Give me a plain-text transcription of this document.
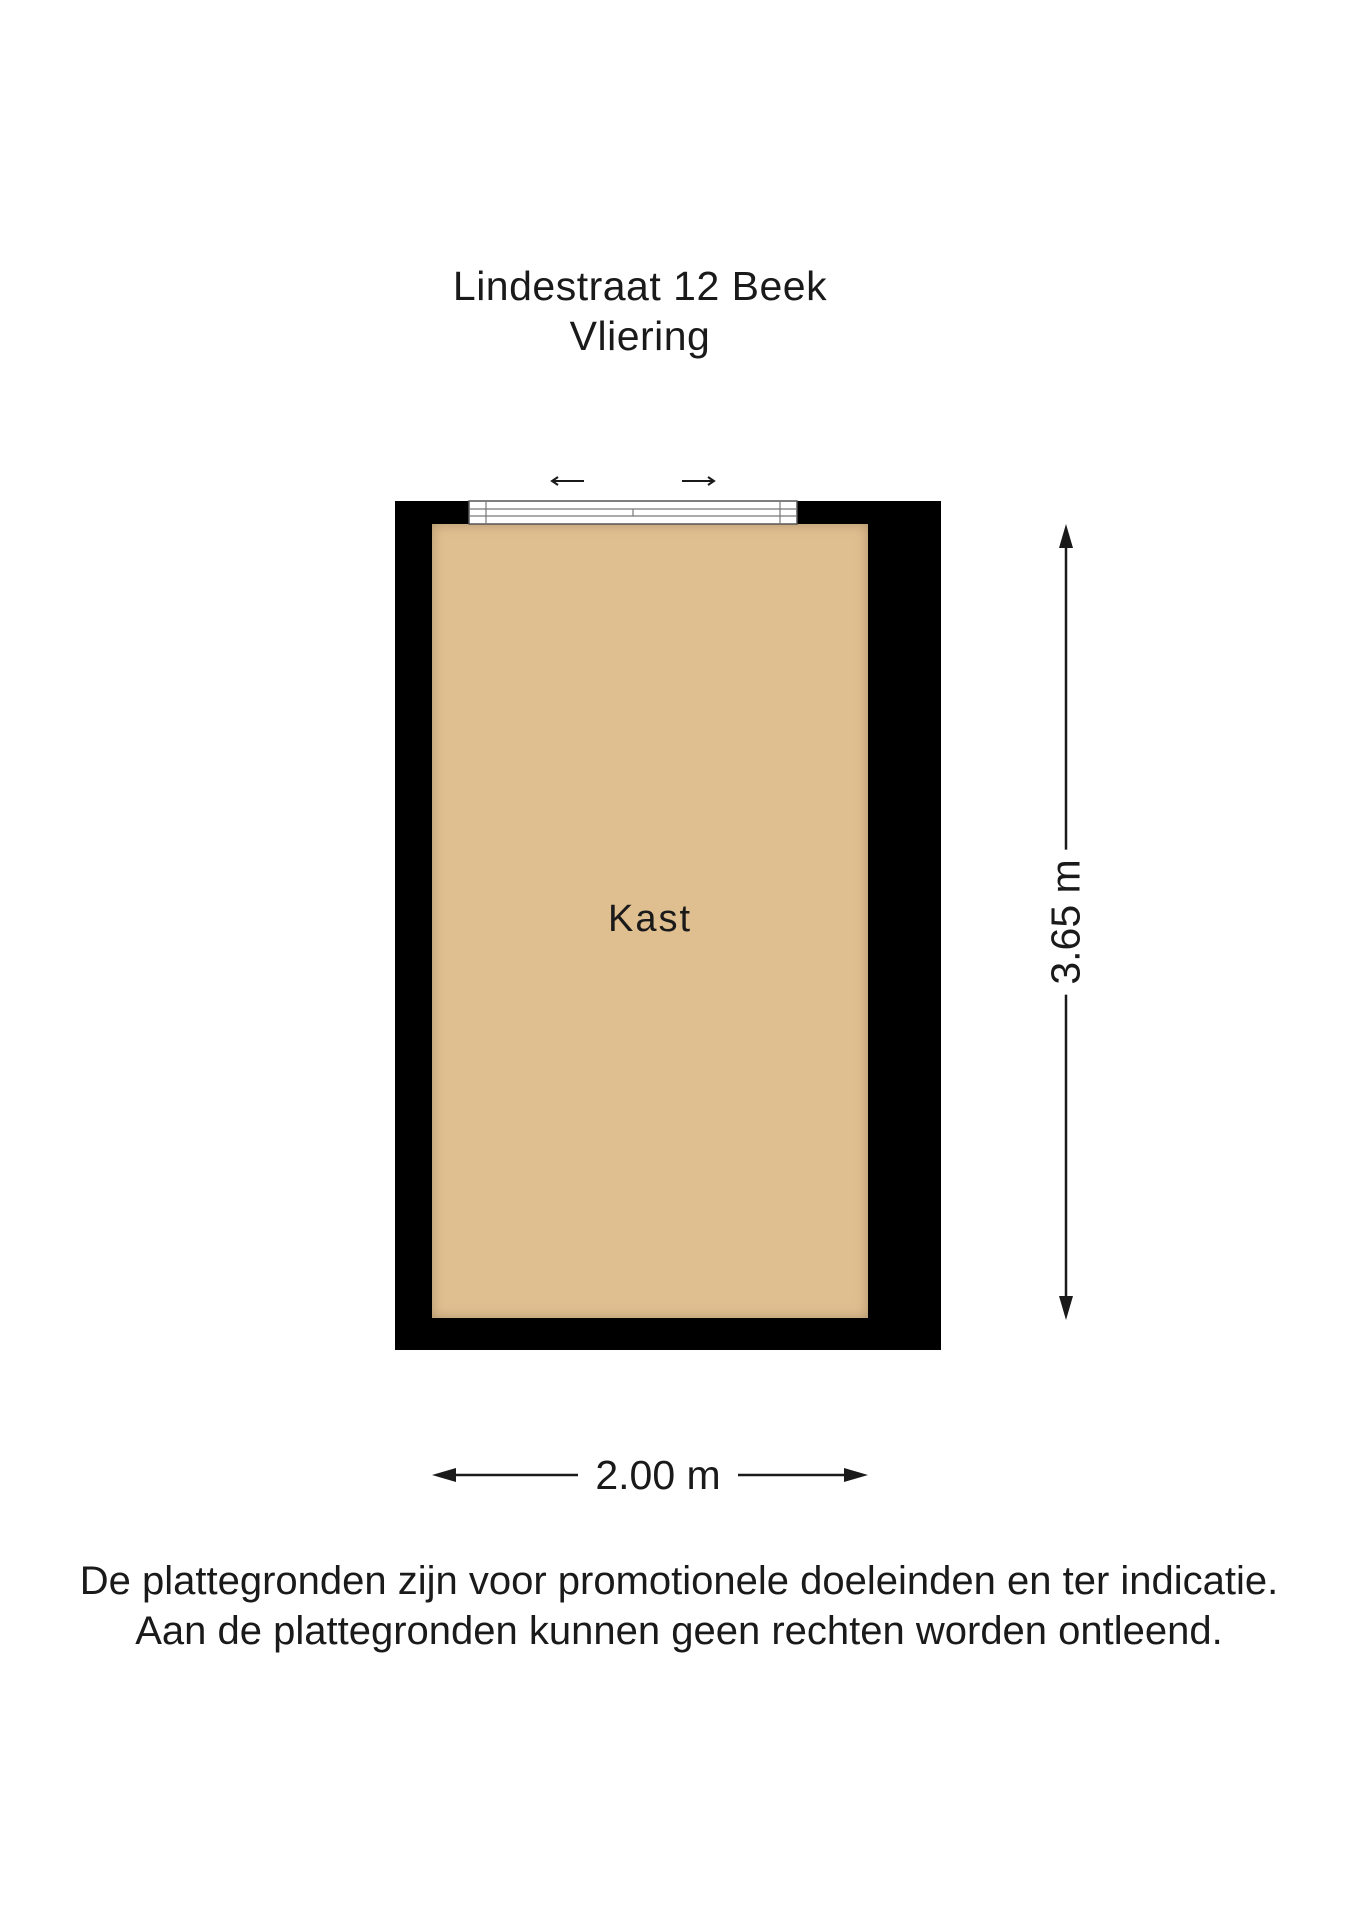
Lindestraat 12 Beek
Vliering
Kast	3.65 m
2.00 m
De plattegronden zijn voor promotionele doeleinden en ter indicatie.
Aan de plattegronden kunnen geen rechten worden ontleend.
